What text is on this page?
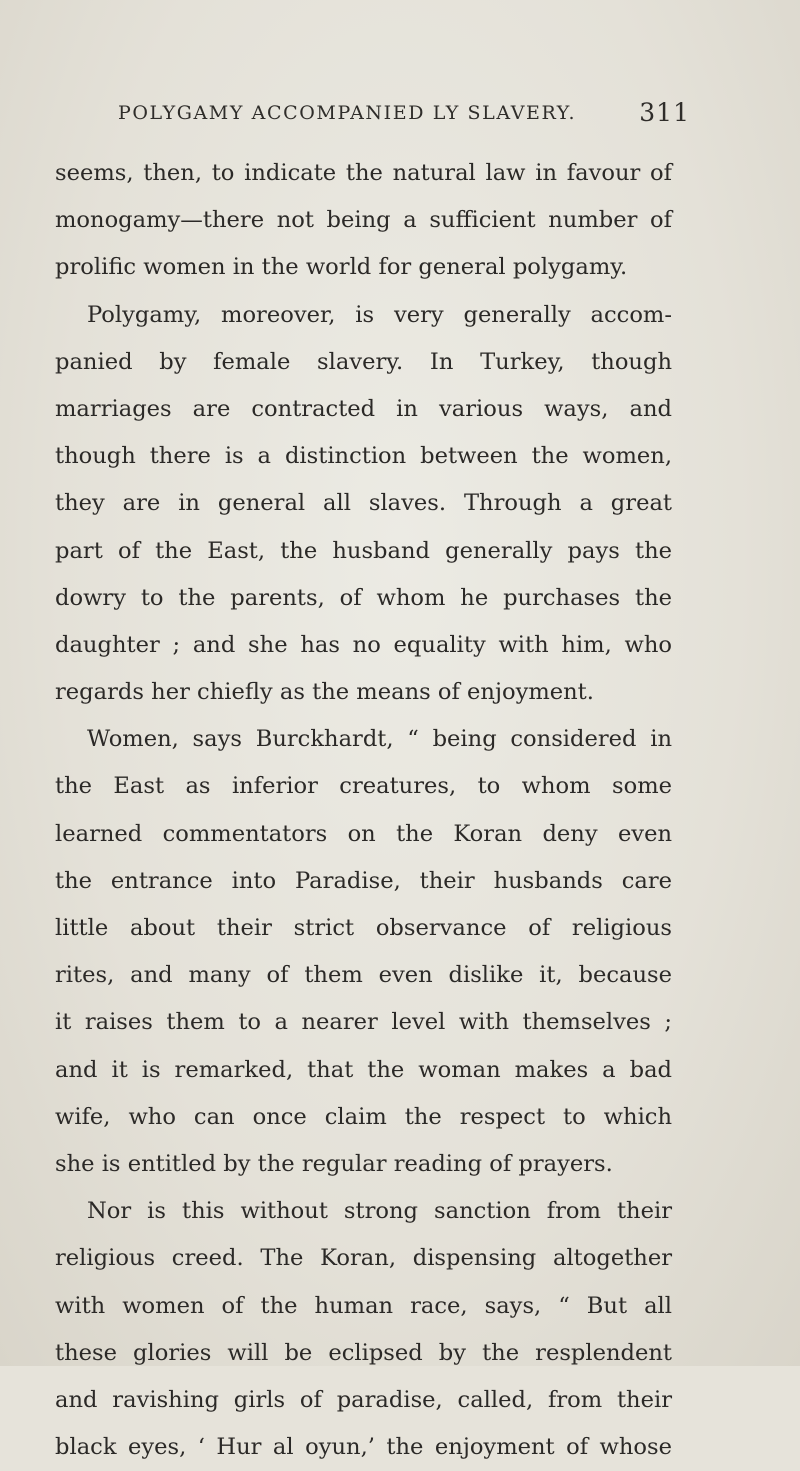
POLYGAMY ACCOMPANIED LY SLAVERY.	311
seems, then, to indicate the natural law in favour of
monogamy—there not being a sufficient number of
prolific women in the world for general polygamy.
Polygamy, moreover, is very generally accom-
panied by female slavery. In Turkey, though
marriages are contracted in various ways, and
though there is a distinction between the women,
they are in general all slaves. Through a great
part of the East, the husband generally pays the
dowry to the parents, of whom he purchases the
daughter ; and she has no equality with him, who
regards her chiefly as the means of enjoyment.
Women, says Burckhardt, “ being considered in
the East as inferior creatures, to whom some
learned commentators on the Koran deny even
the entrance into Paradise, their husbands care
little about their strict observance of religious
rites, and many of them even dislike it, because
it raises them to a nearer level with themselves ;
and it is remarked, that the woman makes a bad
wife, who can once claim the respect to which
she is entitled by the regular reading of prayers.
Nor is this without strong sanction from their
religious creed. The Koran, dispensing altogether
with women of the human race, says, “ But all
these glories will be eclipsed by the resplendent
and ravishing girls of paradise, called, from their
black eyes, ‘ Hur al oyun,’ the enjoyment of whose
